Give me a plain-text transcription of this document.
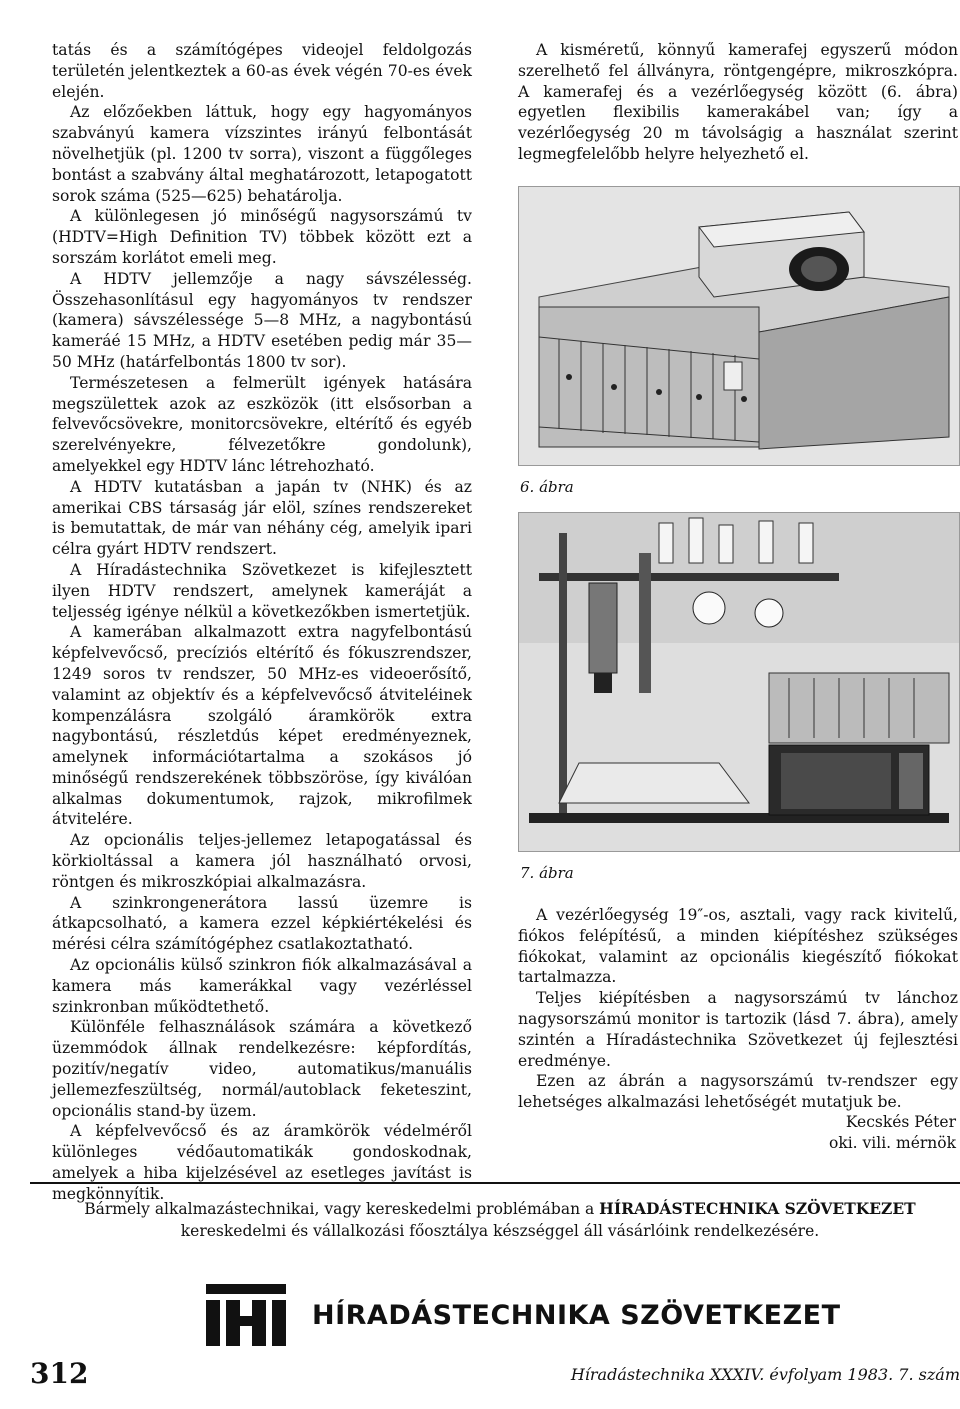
tatás és a számítógépes videojel feldolgozás területén jelentkeztek a 60-as évek végén 70-es évek elején.

Az előzőekben láttuk, hogy egy hagyományos szabványú kamera vízszintes irányú felbontását növelhetjük (pl. 1200 tv sorra), viszont a függőleges bontást a szabvány által meghatározott, letapogatott sorok száma (525—625) behatárolja.

A különlegesen jó minőségű nagysorszámú tv (HDTV=High Definition TV) többek között ezt a sorszám korlátot emeli meg.

A HDTV jellemzője a nagy sávszélesség. Összehasonlításul egy hagyományos tv rendszer (kamera) sávszélessége 5—8 MHz, a nagybontású kameráé 15 MHz, a HDTV esetében pedig már 35—50 MHz (határfelbontás 1800 tv sor).

Természetesen a felmerült igények hatására megszülettek azok az eszközök (itt elsősorban a felvevőcsövekre, monitorcsövekre, eltérítő és egyéb szerelvényekre, félvezetőkre gondolunk), amelyekkel egy HDTV lánc létrehozható.

A HDTV kutatásban a japán tv (NHK) és az amerikai CBS társaság jár elöl, színes rendszereket is bemutattak, de már van néhány cég, amelyik ipari célra gyárt HDTV rendszert.

A Híradástechnika Szövetkezet is kifejlesztett ilyen HDTV rendszert, amelynek kameráját a teljesség igénye nélkül a következőkben ismertetjük.

A kamerában alkalmazott extra nagyfelbontású képfelvevőcső, precíziós eltérítő és fókuszrendszer, 1249 soros tv rendszer, 50 MHz-es videoerősítő, valamint az objektív és a képfelvevőcső átviteléinek kompenzálásra szolgáló áramkörök extra nagybontású, részletdús képet eredményeznek, amelynek információtartalma a szokásos jó minőségű rendszerekének többszöröse, így kiválóan alkalmas dokumentumok, rajzok, mikrofilmek átvitelére.

Az opcionális teljes-jellemez letapogatással és körkioltással a kamera jól használható orvosi, röntgen és mikroszkópiai alkalmazásra.

A szinkrongenerátora lassú üzemre is átkapcsolható, a kamera ezzel képkiértékelési és mérési célra számítógéphez csatlakoztatható.

Az opcionális külső szinkron fiók alkalmazásával a kamera más kamerákkal vagy vezérléssel szinkronban működtethető.

Különféle felhasználások számára a következő üzemmódok állnak rendelkezésre: képfordítás, pozitív/negatív video, automatikus/manuális jellemezfeszültség, normál/autoblack feketeszint, opcionális stand-by üzem.

A képfelvevőcső és az áramkörök védelméről különleges védőautomatikák gondoskodnak, amelyek a hiba kijelzésével az esetleges javítást is megkönnyítik.

A kisméretű, könnyű kamerafej egyszerű módon szerelhető fel állványra, röntgengépre, mikroszkópra. A kamerafej és a vezérlőegység között (6. ábra) egyetlen flexibilis kamerakábel van; így a vezérlőegység 20 m távolságig a használat szerint legmegfelelőbb helyre helyezhető el.

6. ábra
7. ábra

A vezérlőegység 19″-os, asztali, vagy rack kivitelű, fiókos felépítésű, a minden kiépítéshez szükséges fiókokat, valamint az opcionális kiegészítő fiókokat tartalmazza.

Teljes kiépítésben a nagysorszámú tv lánchoz nagysorszámú monitor is tartozik (lásd 7. ábra), amely szintén a Híradástechnika Szövetkezet új fejlesztési eredménye.

Ezen az ábrán a nagysorszámú tv-rendszer egy lehetséges alkalmazási lehetőségét mutatjuk be.

Kecskés Péter
oki. vili. mérnök
Bármely alkalmazástechnikai, vagy kereskedelmi problémában a HÍRADÁSTECHNIKA SZÖVETKEZET
kereskedelmi és vállalkozási főosztálya készséggel áll vásárlóink rendelkezésére.
HÍRADÁSTECHNIKA SZÖVETKEZET
312	Híradástechnika XXXIV. évfolyam 1983. 7. szám
